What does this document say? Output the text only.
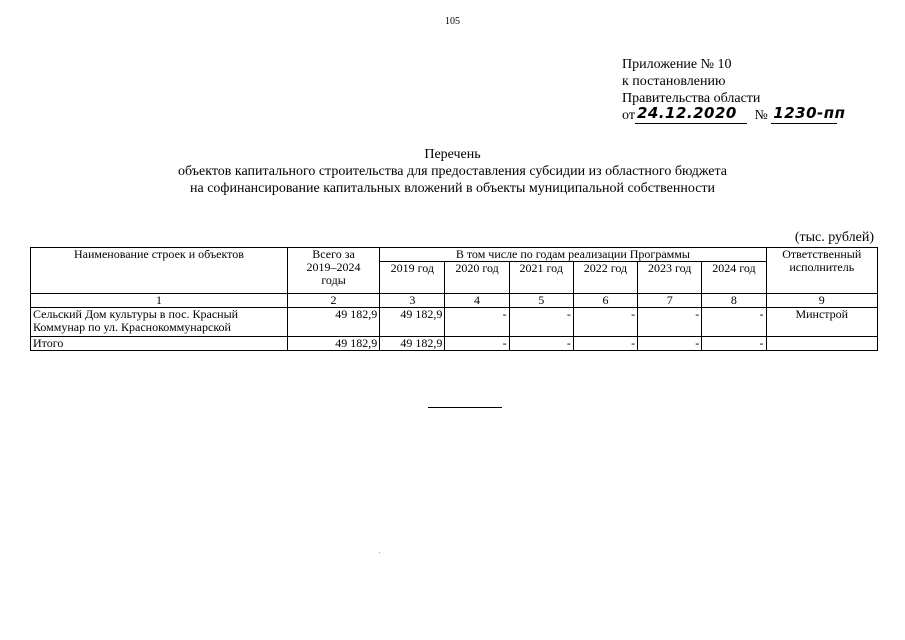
105
Приложение № 10
к постановлению
Правительства области
от 24.12.2020 № 1230-пп
Перечень
объектов капитального строительства для предоставления субсидии из областного бюджета
на софинансирование капитальных вложений в объекты муниципальной собственности
(тыс. рублей)
Наименование строек и объектов	Всего за 2019–2024 годы	В том числе по годам реализации Программы						Ответственный исполнитель
		2019 год	2020 год	2021 год	2022 год	2023 год	2024 год	
1	2	3	4	5	6	7	8	9
Сельский Дом культуры в пос. Красный Коммунар по ул. Краснокоммунарской	49 182,9	49 182,9	-	-	-	-	-	Минстрой
Итого	49 182,9	49 182,9	-	-	-	-	-	
